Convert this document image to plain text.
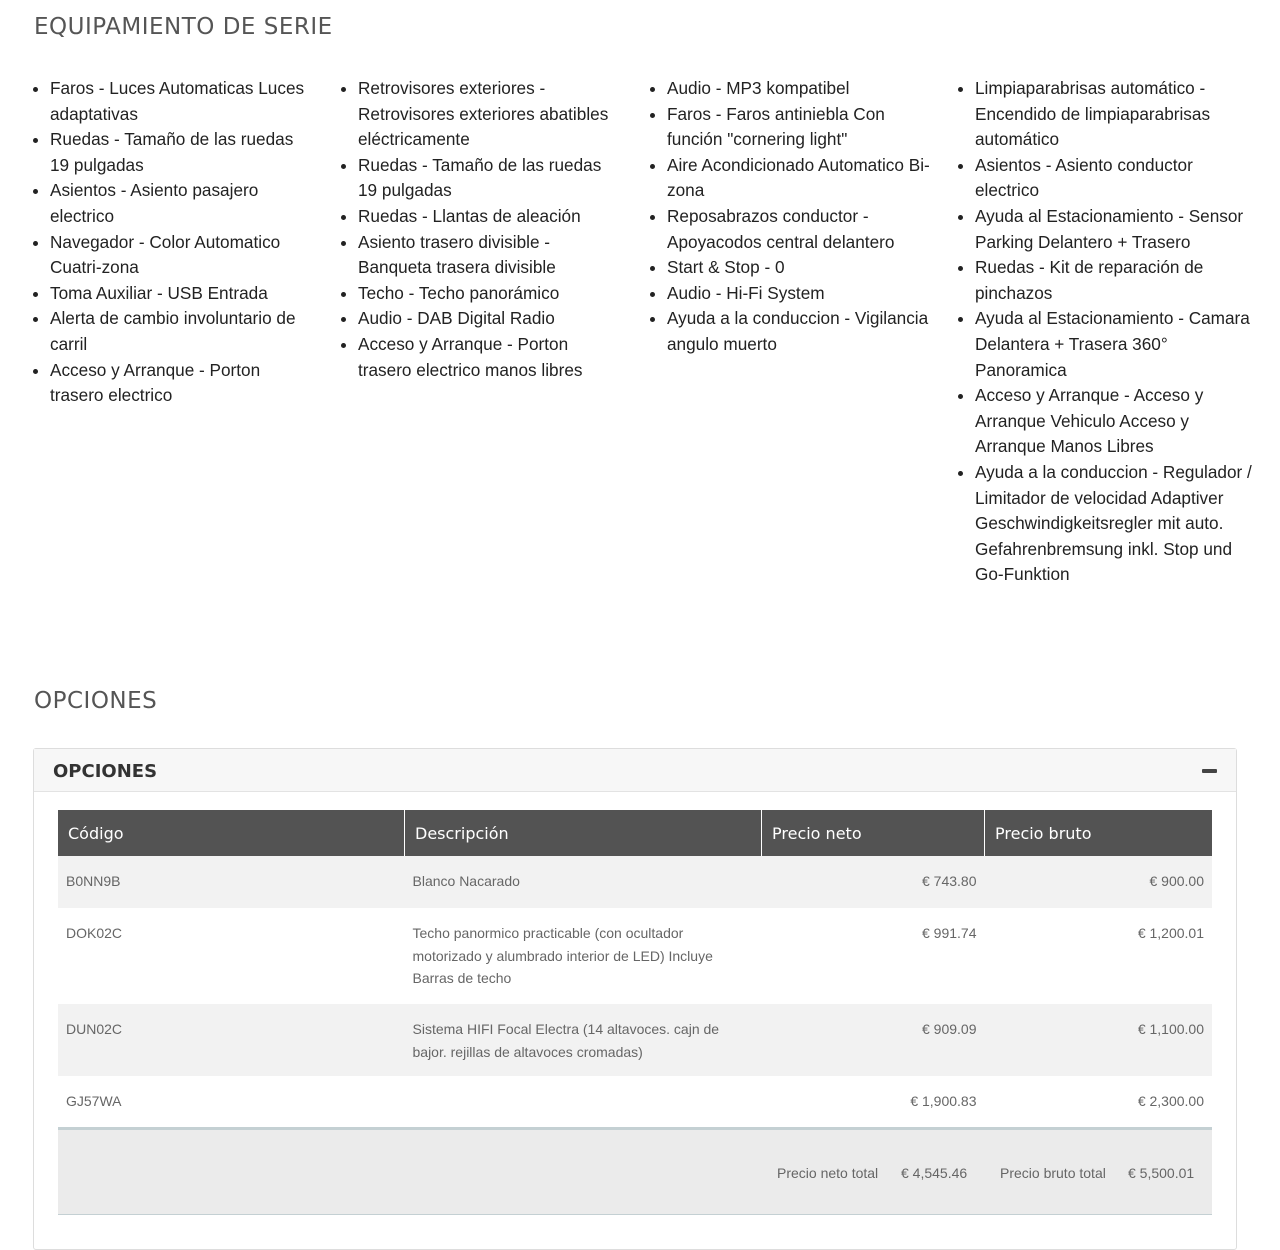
EQUIPAMIENTO DE SERIE
• Faros - Luces Automaticas Luces adaptativas
• Ruedas - Tamaño de las ruedas 19 pulgadas
• Asientos - Asiento pasajero electrico
• Navegador - Color Automatico Cuatri-zona
• Toma Auxiliar - USB Entrada
• Alerta de cambio involuntario de carril
• Acceso y Arranque - Porton trasero electrico
• Retrovisores exteriores - Retrovisores exteriores abatibles eléctricamente
• Ruedas - Tamaño de las ruedas 19 pulgadas
• Ruedas - Llantas de aleación
• Asiento trasero divisible - Banqueta trasera divisible
• Techo - Techo panorámico
• Audio - DAB Digital Radio
• Acceso y Arranque - Porton trasero electrico manos libres
• Audio - MP3 kompatibel
• Faros - Faros antiniebla Con función "cornering light"
• Aire Acondicionado Automatico Bi-zona
• Reposabrazos conductor - Apoyacodos central delantero
• Start & Stop - 0
• Audio - Hi-Fi System
• Ayuda a la conduccion - Vigilancia angulo muerto
• Limpiaparabrisas automático - Encendido de limpiaparabrisas automático
• Asientos - Asiento conductor electrico
• Ayuda al Estacionamiento - Sensor Parking Delantero + Trasero
• Ruedas - Kit de reparación de pinchazos
• Ayuda al Estacionamiento - Camara Delantera + Trasera 360° Panoramica
• Acceso y Arranque - Acceso y Arranque Vehiculo Acceso y Arranque Manos Libres
• Ayuda a la conduccion - Regulador / Limitador de velocidad Adaptiver Geschwindigkeitsregler mit auto. Gefahrenbremsung inkl. Stop und Go-Funktion
OPCIONES
OPCIONES
Código	Descripción	Precio neto	Precio bruto
B0NN9B	Blanco Nacarado	€ 743.80	€ 900.00
DOK02C	Techo panormico practicable (con ocultador motorizado y alumbrado interior de LED) Incluye Barras de techo	€ 991.74	€ 1,200.01
DUN02C	Sistema HIFI Focal Electra (14 altavoces. cajn de bajor. rejillas de altavoces cromadas)	€ 909.09	€ 1,100.00
GJ57WA		€ 1,900.83	€ 2,300.00
Precio neto total € 4,545.46 Precio bruto total € 5,500.01
